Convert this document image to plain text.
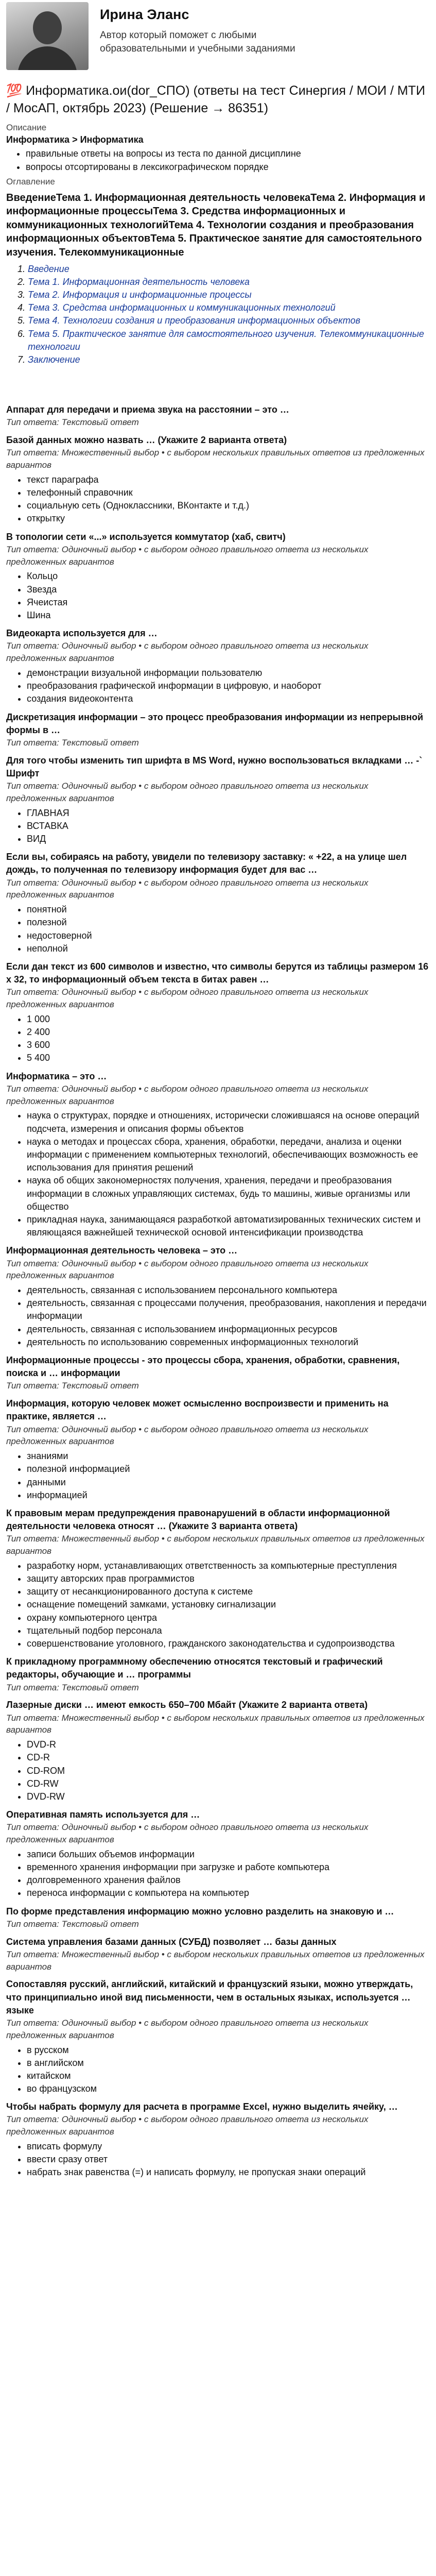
Ирина Эланс
Автор который поможет с любыми образовательными и учебными заданиями
💯 Информатика.ои(dor_СПО) (ответы на тест Синергия / МОИ / МТИ / МосАП, октябрь 2023) (Решение → 86351)
Описание
Информатика > Информатика
• правильные ответы на вопросы из теста по данной дисциплине
• вопросы отсортированы в лексикографическом порядке
Оглавление
ВведениеТема 1. Информационная деятельность человекаТема 2. Информация и информационные процессыТема 3. Средства информационных и коммуникационных технологийТема 4. Технологии создания и преобразования информационных объектовТема 5. Практическое занятие для самостоятельного изучения. Телекоммуникационные
1. Введение
2. Тема 1. Информационная деятельность человека
3. Тема 2. Информация и информационные процессы
4. Тема 3. Средства информационных и коммуникационных технологий
5. Тема 4. Технологии создания и преобразования информационных объектов
6. Тема 5. Практическое занятие для самостоятельного изучения. Телекоммуникационные технологии
7. Заключение
Аппарат для передачи и приема звука на расстоянии – это …
Тип ответа: Текстовый ответ
Базой данных можно назвать … (Укажите 2 варианта ответа)
Тип ответа: Множественный выбор • с выбором нескольких правильных ответов из предложенных вариантов
• текст параграфа
• телефонный справочник
• социальную сеть (Одноклассники, ВКонтакте и т.д.)
• открытку
В топологии сети «...» используется коммутатор (хаб, свитч)
Тип ответа: Одиночный выбор • с выбором одного правильного ответа из нескольких предложенных вариантов
• Кольцо
• Звезда
• Ячеистая
• Шина
Видеокарта используется для …
Тип ответа: Одиночный выбор • с выбором одного правильного ответа из нескольких предложенных вариантов
• демонстрации визуальной информации пользователю
• преобразования графической информации в цифровую, и наоборот
• создания видеоконтента
Дискретизация информации – это процесс преобразования информации из непрерывной формы в …
Тип ответа: Текстовый ответ
Для того чтобы изменить тип шрифта в MS Word, нужно воспользоваться вкладками … -` Шрифт
Тип ответа: Одиночный выбор • с выбором одного правильного ответа из нескольких предложенных вариантов
• ГЛАВНАЯ
• ВСТАВКА
• ВИД
Если вы, собираясь на работу, увидели по телевизору заставку: « +22, а на улице шел дождь, то полученная по телевизору информация будет для вас …
Тип ответа: Одиночный выбор • с выбором одного правильного ответа из нескольких предложенных вариантов
• понятной
• полезной
• недостоверной
• неполной
Если дан текст из 600 символов и известно, что символы берутся из таблицы размером 16 х 32, то информационный объем текста в битах равен …
Тип ответа: Одиночный выбор • с выбором одного правильного ответа из нескольких предложенных вариантов
• 1 000
• 2 400
• 3 600
• 5 400
Информатика – это …
Тип ответа: Одиночный выбор • с выбором одного правильного ответа из нескольких предложенных вариантов
• наука о структурах, порядке и отношениях, исторически сложившаяся на основе операций подсчета, измерения и описания формы объектов
• наука о методах и процессах сбора, хранения, обработки, передачи, анализа и оценки информации с применением компьютерных технологий, обеспечивающих возможность ее использования для принятия решений
• наука об общих закономерностях получения, хранения, передачи и преобразования информации в сложных управляющих системах, будь то машины, живые организмы или общество
• прикладная наука, занимающаяся разработкой автоматизированных технических систем и являющаяся важнейшей технической основой интенсификации производства
Информационная деятельность человека – это …
Тип ответа: Одиночный выбор • с выбором одного правильного ответа из нескольких предложенных вариантов
• деятельность, связанная с использованием персонального компьютера
• деятельность, связанная с процессами получения, преобразования, накопления и передачи информации
• деятельность, связанная с использованием информационных ресурсов
• деятельность по использованию современных информационных технологий
Информационные процессы - это процессы сбора, хранения, обработки, сравнения, поиска и … информации
Тип ответа: Текстовый ответ
Информация, которую человек может осмысленно воспроизвести и применить на практике, является …
Тип ответа: Одиночный выбор • с выбором одного правильного ответа из нескольких предложенных вариантов
• знаниями
• полезной информацией
• данными
• информацией
К правовым мерам предупреждения правонарушений в области информационной деятельности человека относят … (Укажите 3 варианта ответа)
Тип ответа: Множественный выбор • с выбором нескольких правильных ответов из предложенных вариантов
• разработку норм, устанавливающих ответственность за компьютерные преступления
• защиту авторских прав программистов
• защиту от несанкционированного доступа к системе
• оснащение помещений замками, установку сигнализации
• охрану компьютерного центра
• тщательный подбор персонала
• совершенствование уголовного, гражданского законодательства и судопроизводства
К прикладному программному обеспечению относятся текстовый и графический редакторы, обучающие и … программы
Тип ответа: Текстовый ответ
Лазерные диски … имеют емкость 650–700 Мбайт (Укажите 2 варианта ответа)
Тип ответа: Множественный выбор • с выбором нескольких правильных ответов из предложенных вариантов
• DVD-R
• CD-R
• CD-ROM
• CD-RW
• DVD-RW
Оперативная память используется для …
Тип ответа: Одиночный выбор • с выбором одного правильного ответа из нескольких предложенных вариантов
• записи больших объемов информации
• временного хранения информации при загрузке и работе компьютера
• долговременного хранения файлов
• переноса информации с компьютера на компьютер
По форме представления информацию можно условно разделить на знаковую и …
Тип ответа: Текстовый ответ
Система управления базами данных (СУБД) позволяет … базы данных
Тип ответа: Множественный выбор • с выбором нескольких правильных ответов из предложенных вариантов
Сопоставляя русский, английский, китайский и французский языки, можно утверждать, что принципиально иной вид письменности, чем в остальных языках, используется … языке
Тип ответа: Одиночный выбор • с выбором одного правильного ответа из нескольких предложенных вариантов
• в русском
• в английском
• китайском
• во французском
Чтобы набрать формулу для расчета в программе Excel, нужно выделить ячейку, …
Тип ответа: Одиночный выбор • с выбором одного правильного ответа из нескольких предложенных вариантов
• вписать формулу
• ввести сразу ответ
• набрать знак равенства (=) и написать формулу, не пропуская знаки операций
